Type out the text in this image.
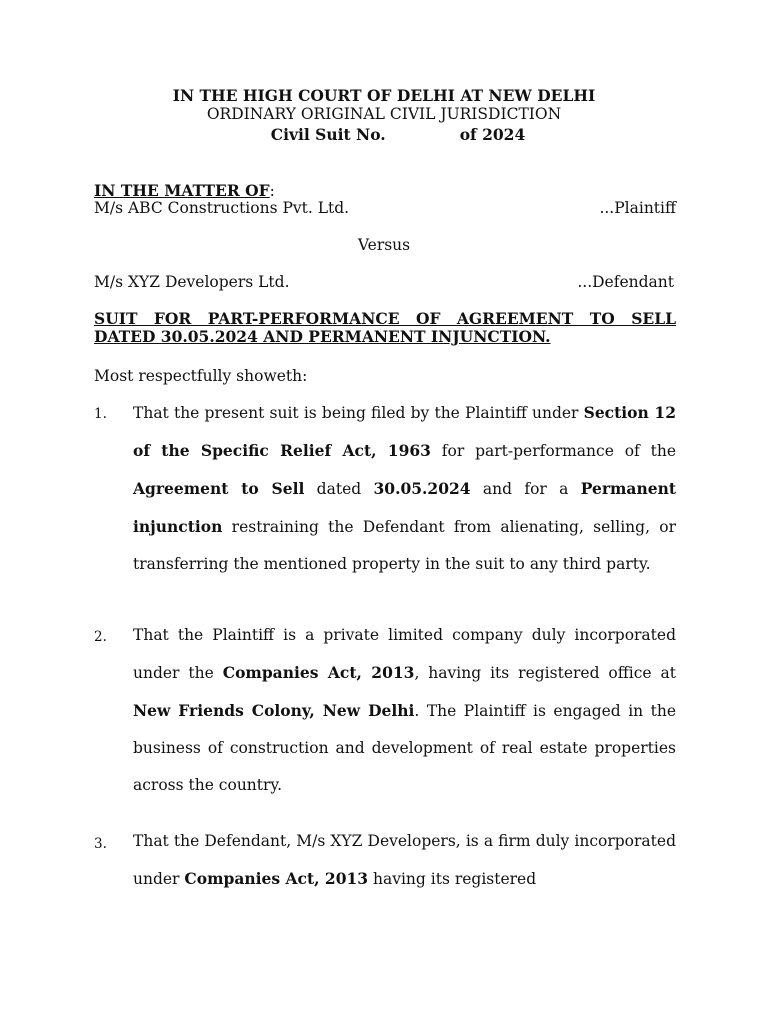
IN THE HIGH COURT OF DELHI AT NEW DELHI
ORDINARY ORIGINAL CIVIL JURISDICTION
Civil Suit No.	of 2024
IN THE MATTER OF:
M/s ABC Constructions Pvt. Ltd.	...Plaintiff
Versus
M/s XYZ Developers Ltd.	...Defendant
SUIT FOR PART-PERFORMANCE OF AGREEMENT TO SELL DATED 30.05.2024 AND PERMANENT INJUNCTION.
Most respectfully showeth:
1. That the present suit is being filed by the Plaintiff under Section 12 of the Specific Relief Act, 1963 for part-performance of the Agreement to Sell dated 30.05.2024 and for a Permanent injunction restraining the Defendant from alienating, selling, or transferring the mentioned property in the suit to any third party.
2. That the Plaintiff is a private limited company duly incorporated under the Companies Act, 2013, having its registered office at New Friends Colony, New Delhi. The Plaintiff is engaged in the business of construction and development of real estate properties across the country.
3. That the Defendant, M/s XYZ Developers, is a firm duly incorporated under Companies Act, 2013 having its registered
